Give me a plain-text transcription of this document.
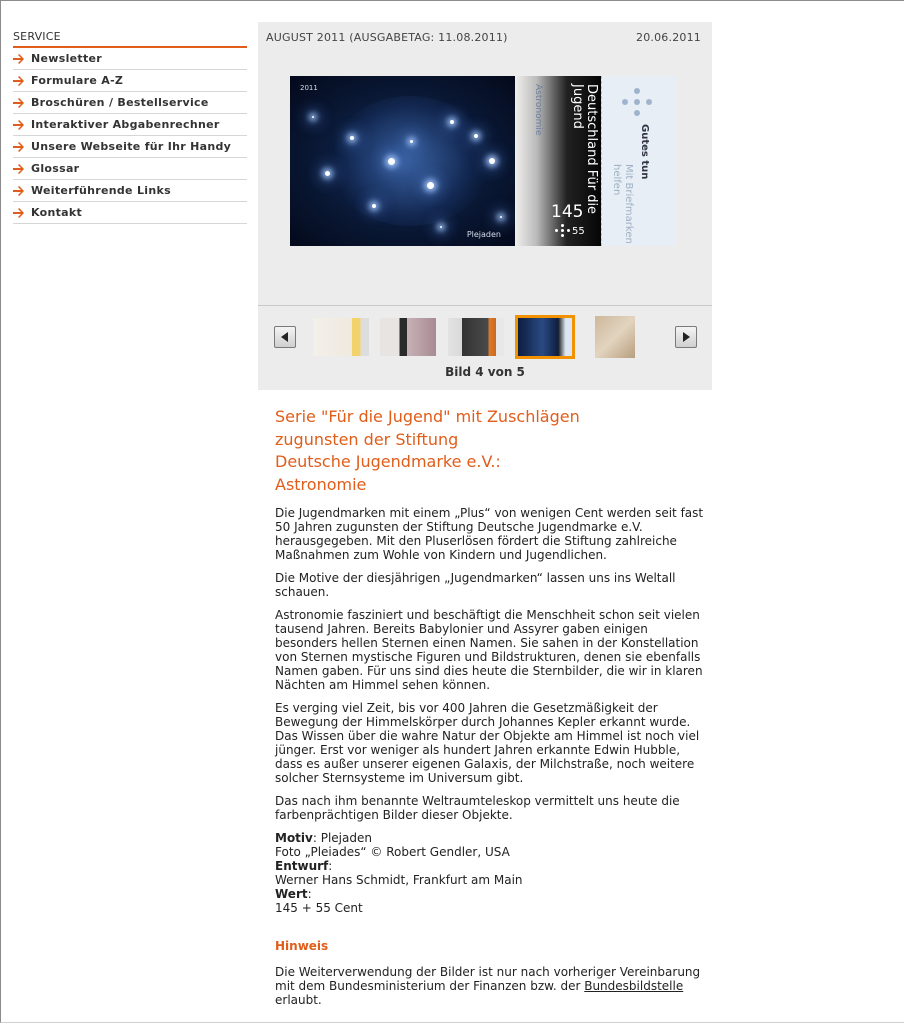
SERVICE
Newsletter
Formulare A-Z
Broschüren / Bestellservice
Interaktiver Abgabenrechner
Unsere Webseite für Ihr Handy
Glossar
Weiterführende Links
Kontakt
AUGUST 2011 (AUSGABETAG: 11.08.2011)	20.06.2011
2011
Plejaden
Deutschland Für die Jugend
Astronomie
145
55
Gutes tun
Mit Briefmarken helfen
Bild 4 von 5
Serie "Für die Jugend" mit Zuschlägen
zugunsten der Stiftung
Deutsche Jugendmarke e.V.:
Astronomie

Die Jugendmarken mit einem „Plus“ von wenigen Cent werden seit fast 50 Jahren zugunsten der Stiftung Deutsche Jugendmarke e.V. herausgegeben. Mit den Pluserlösen fördert die Stiftung zahlreiche Maßnahmen zum Wohle von Kindern und Jugendlichen.

Die Motive der diesjährigen „Jugendmarken“ lassen uns ins Weltall schauen.

Astronomie fasziniert und beschäftigt die Menschheit schon seit vielen tausend Jahren. Bereits Babylonier und Assyrer gaben einigen besonders hellen Sternen einen Namen. Sie sahen in der Konstellation von Sternen mystische Figuren und Bildstrukturen, denen sie ebenfalls Namen gaben. Für uns sind dies heute die Sternbilder, die wir in klaren Nächten am Himmel sehen können.

Es verging viel Zeit, bis vor 400 Jahren die Gesetzmäßigkeit der Bewegung der Himmelskörper durch Johannes Kepler erkannt wurde. Das Wissen über die wahre Natur der Objekte am Himmel ist noch viel jünger. Erst vor weniger als hundert Jahren erkannte Edwin Hubble, dass es außer unserer eigenen Galaxis, der Milchstraße, noch weitere solcher Sternsysteme im Universum gibt.

Das nach ihm benannte Weltraumteleskop vermittelt uns heute die farbenprächtigen Bilder dieser Objekte.

Motiv: Plejaden
Foto „Pleiades“ © Robert Gendler, USA
Entwurf:
Werner Hans Schmidt, Frankfurt am Main
Wert:
145 + 55 Cent
Hinweis

Die Weiterverwendung der Bilder ist nur nach vorheriger Vereinbarung mit dem Bundesministerium der Finanzen bzw. der Bundesbildstelle erlaubt.
